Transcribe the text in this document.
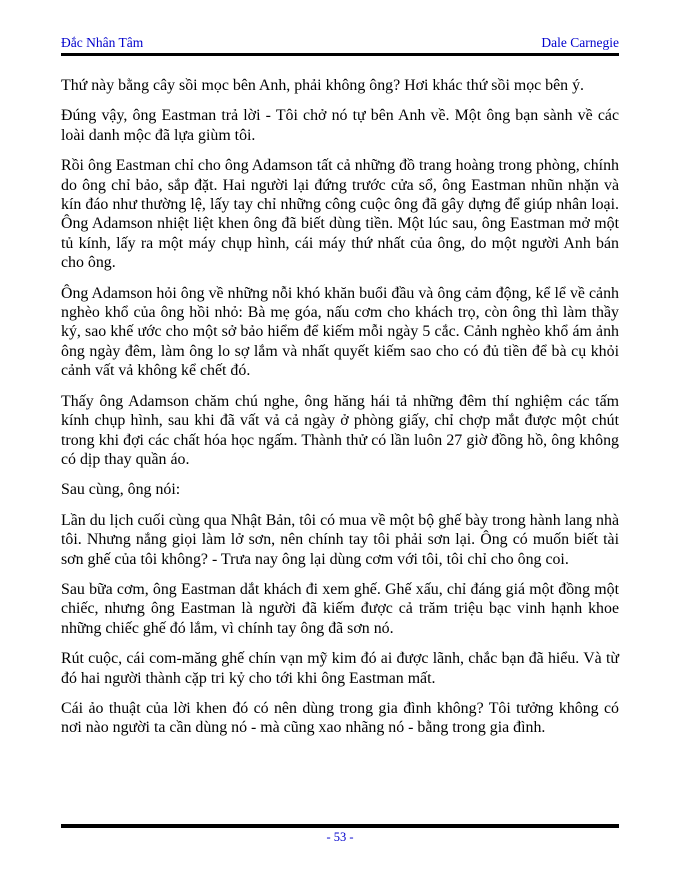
Đắc Nhân Tâm	Dale Carnegie

Thứ này bằng cây sồi mọc bên Anh, phải không ông? Hơi khác thứ sồi mọc bên ý.

Đúng vậy, ông Eastman trả lời - Tôi chở nó tự bên Anh về. Một ông bạn sành về các loài danh mộc đã lựa giùm tôi.

Rồi ông Eastman chỉ cho ông Adamson tất cả những đồ trang hoàng trong phòng, chính do ông chỉ bảo, sắp đặt. Hai người lại đứng trước cửa sổ, ông Eastman nhũn nhặn và kín đáo như thường lệ, lấy tay chỉ những công cuộc ông đã gây dựng để giúp nhân loại. Ông Adamson nhiệt liệt khen ông đã biết dùng tiền. Một lúc sau, ông Eastman mở một tủ kính, lấy ra một máy chụp hình, cái máy thứ nhất của ông, do một người Anh bán cho ông.

Ông Adamson hỏi ông về những nỗi khó khăn buổi đầu và ông cảm động, kể lể về cảnh nghèo khổ của ông hồi nhỏ: Bà mẹ góa, nấu cơm cho khách trọ, còn ông thì làm thầy ký, sao khế ước cho một sở bảo hiểm để kiếm mỗi ngày 5 cắc. Cảnh nghèo khổ ám ảnh ông ngày đêm, làm ông lo sợ lắm và nhất quyết kiếm sao cho có đủ tiền để bà cụ khỏi cảnh vất vả không kể chết đó.

Thấy ông Adamson chăm chú nghe, ông hăng hái tả những đêm thí nghiệm các tấm kính chụp hình, sau khi đã vất vả cả ngày ở phòng giấy, chỉ chợp mắt được một chút trong khi đợi các chất hóa học ngấm. Thành thử có lần luôn 27 giờ đồng hồ, ông không có dịp thay quần áo.

Sau cùng, ông nói:

Lần du lịch cuối cùng qua Nhật Bản, tôi có mua về một bộ ghế bày trong hành lang nhà tôi. Nhưng nắng giọi làm lở sơn, nên chính tay tôi phải sơn lại. Ông có muốn biết tài sơn ghế của tôi không? - Trưa nay ông lại dùng cơm với tôi, tôi chỉ cho ông coi.

Sau bữa cơm, ông Eastman dắt khách đi xem ghế. Ghế xấu, chỉ đáng giá một đồng một chiếc, nhưng ông Eastman là người đã kiếm được cả trăm triệu bạc vinh hạnh khoe những chiếc ghế đó lắm, vì chính tay ông đã sơn nó.

Rút cuộc, cái com-măng ghế chín vạn mỹ kim đó ai được lãnh, chắc bạn đã hiểu. Và từ đó hai người thành cặp tri kỷ cho tới khi ông Eastman mất.

Cái ảo thuật của lời khen đó có nên dùng trong gia đình không? Tôi tưởng không có nơi nào người ta cần dùng nó - mà cũng xao nhãng nó - bằng trong gia đình.

- 53 -
